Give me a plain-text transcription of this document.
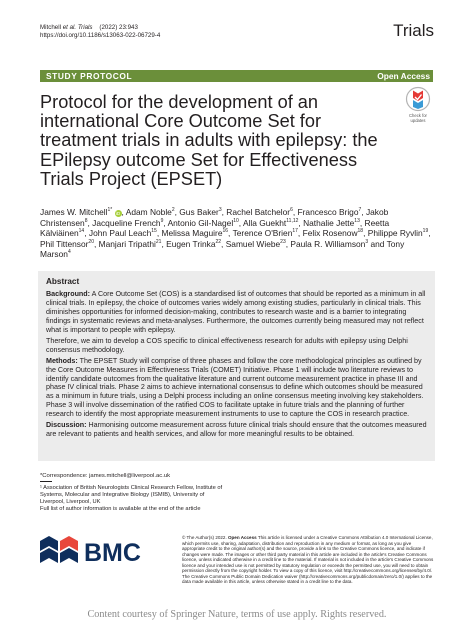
Mitchell et al. Trials (2022) 23:943
https://doi.org/10.1186/s13063-022-06729-4	Trials
STUDY PROTOCOL	Open Access
Protocol for the development of an international Core Outcome Set for treatment trials in adults with epilepsy: the EPilepsy outcome Set for Effectiveness Trials Project (EPSET)
Check for
updates
James W. Mitchell$^{1*}$ iD, Adam Noble$^2$, Gus Baker$^3$, Rachel Batchelor$^6$, Francesco Brigo$^7$, Jakob Christensen$^8$, Jacqueline French$^9$, Antonio Gil-Nagel$^{10}$, Alla Guekht$^{11,12}$, Nathalie Jette$^{13}$, Reetta Kälviäinen$^{14}$, John Paul Leach$^{15}$, Melissa Maguire$^{16}$, Terence O'Brien$^{17}$, Felix Rosenow$^{18}$, Philippe Ryvlin$^{19}$, Phil Tittensor$^{20}$, Manjari Tripathi$^{21}$, Eugen Trinka$^{22}$, Samuel Wiebe$^{23}$, Paula R. Williamson$^3$ and Tony Marson$^4$
Abstract

Background: A Core Outcome Set (COS) is a standardised list of outcomes that should be reported as a minimum in all clinical trials. In epilepsy, the choice of outcomes varies widely among existing studies, particularly in clinical trials. This diminishes opportunities for informed decision-making, contributes to research waste and is a barrier to integrating findings in systematic reviews and meta-analyses. Furthermore, the outcomes currently being measured may not reflect what is important to people with epilepsy.

Therefore, we aim to develop a COS specific to clinical effectiveness research for adults with epilepsy using Delphi consensus methodology.

Methods: The EPSET Study will comprise of three phases and follow the core methodological principles as outlined by the Core Outcome Measures in Effectiveness Trials (COMET) Initiative. Phase 1 will include two literature reviews to identify candidate outcomes from the qualitative literature and current outcome measurement practice in phase III and phase IV clinical trials. Phase 2 aims to achieve international consensus to define which outcomes should be measured as a minimum in future trials, using a Delphi process including an online consensus meeting involving key stakeholders. Phase 3 will involve dissemination of the ratified COS to facilitate uptake in future trials and the planning of further research to identify the most appropriate measurement instruments to use to capture the COS in research practice.

Discussion: Harmonising outcome measurement across future clinical trials should ensure that the outcomes measured are relevant to patients and health services, and allow for more meaningful results to be obtained.

*Correspondence: james.mitchell@liverpool.ac.uk
¹ Association of British Neurologists Clinical Research Fellow, Institute of Systems, Molecular and Integrative Biology (ISMIB), University of Liverpool, Liverpool, UK
Full list of author information is available at the end of the article
BMC
© The Author(s) 2022. Open Access This article is licensed under a Creative Commons Attribution 4.0 International License, which permits use, sharing, adaptation, distribution and reproduction in any medium or format, as long as you give appropriate credit to the original author(s) and the source, provide a link to the Creative Commons licence, and indicate if changes were made. The images or other third party material in this article are included in the article's Creative Commons licence, unless indicated otherwise in a credit line to the material. If material is not included in the article's Creative Commons licence and your intended use is not permitted by statutory regulation or exceeds the permitted use, you will need to obtain permission directly from the copyright holder. To view a copy of this licence, visit http://creativecommons.org/licenses/by/4.0/. The Creative Commons Public Domain Dedication waiver (http://creativecommons.org/publicdomain/zero/1.0/) applies to the data made available in this article, unless otherwise stated in a credit line to the data.
Content courtesy of Springer Nature, terms of use apply. Rights reserved.
